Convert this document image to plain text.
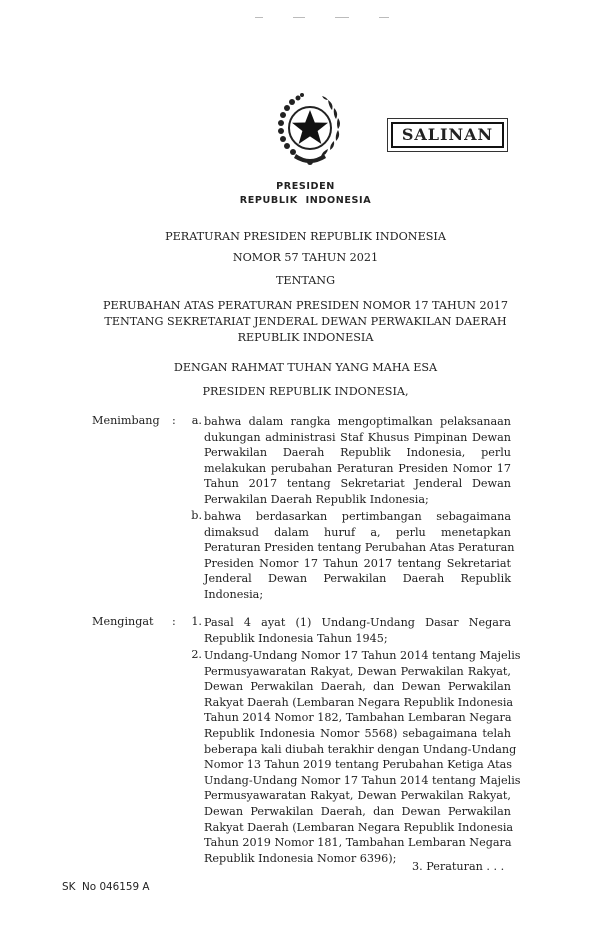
SALINAN
PRESIDEN
REPUBLIK  INDONESIA
PERATURAN PRESIDEN REPUBLIK INDONESIA
NOMOR 57 TAHUN 2021
TENTANG
PERUBAHAN ATAS PERATURAN PRESIDEN NOMOR 17 TAHUN 2017
TENTANG SEKRETARIAT JENDERAL DEWAN PERWAKILAN DAERAH
REPUBLIK INDONESIA
DENGAN RAHMAT TUHAN YANG MAHA ESA
PRESIDEN REPUBLIK INDONESIA,
Menimbang :	a. bahwa dalam rangka mengoptimalkan pelaksanaan
dukungan administrasi Staf Khusus Pimpinan Dewan
Perwakilan Daerah Republik Indonesia, perlu
melakukan perubahan Peraturan Presiden Nomor 17
Tahun 2017 tentang Sekretariat Jenderal Dewan
Perwakilan Daerah Republik Indonesia;
b. bahwa berdasarkan pertimbangan sebagaimana
dimaksud dalam huruf a, perlu menetapkan
Peraturan Presiden tentang Perubahan Atas Peraturan
Presiden Nomor 17 Tahun 2017 tentang Sekretariat
Jenderal Dewan Perwakilan Daerah Republik
Indonesia;
Mengingat :	1. Pasal 4 ayat (1) Undang-Undang Dasar Negara
Republik Indonesia Tahun 1945;
2. Undang-Undang Nomor 17 Tahun 2014 tentang Majelis
Permusyawaratan Rakyat, Dewan Perwakilan Rakyat,
Dewan Perwakilan Daerah, dan Dewan Perwakilan
Rakyat Daerah (Lembaran Negara Republik Indonesia
Tahun 2014 Nomor 182, Tambahan Lembaran Negara
Republik Indonesia Nomor 5568) sebagaimana telah
beberapa kali diubah terakhir dengan Undang-Undang
Nomor 13 Tahun 2019 tentang Perubahan Ketiga Atas
Undang-Undang Nomor 17 Tahun 2014 tentang Majelis
Permusyawaratan Rakyat, Dewan Perwakilan Rakyat,
Dewan Perwakilan Daerah, dan Dewan Perwakilan
Rakyat Daerah (Lembaran Negara Republik Indonesia
Tahun 2019 Nomor 181, Tambahan Lembaran Negara
Republik Indonesia Nomor 6396);
3. Peraturan . . .
SK  No 046159 A
